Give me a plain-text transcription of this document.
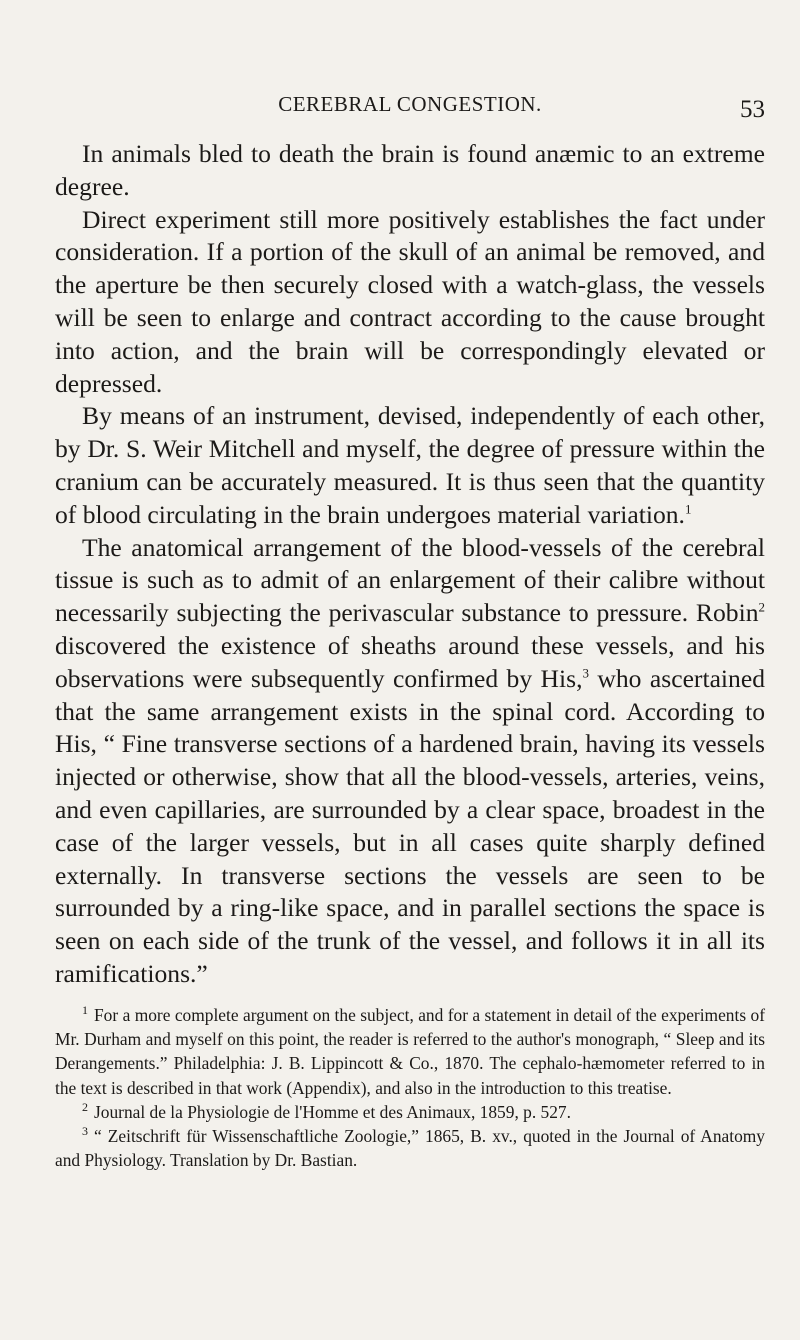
CEREBRAL CONGESTION.	53

In animals bled to death the brain is found anæmic to an extreme degree.

Direct experiment still more positively establishes the fact under consideration. If a portion of the skull of an animal be removed, and the aperture be then securely closed with a watch-glass, the vessels will be seen to enlarge and contract according to the cause brought into action, and the brain will be correspondingly elevated or depressed.

By means of an instrument, devised, independently of each other, by Dr. S. Weir Mitchell and myself, the degree of pressure within the cranium can be accurately measured. It is thus seen that the quantity of blood circulating in the brain undergoes material variation.$^1$

The anatomical arrangement of the blood-vessels of the cerebral tissue is such as to admit of an enlargement of their calibre without necessarily subjecting the perivascular substance to pressure. Robin$^2$ discovered the existence of sheaths around these vessels, and his observations were subsequently confirmed by His,$^3$ who ascertained that the same arrangement exists in the spinal cord. According to His, “ Fine transverse sections of a hardened brain, having its vessels injected or otherwise, show that all the blood-vessels, arteries, veins, and even capillaries, are surrounded by a clear space, broadest in the case of the larger vessels, but in all cases quite sharply defined externally. In transverse sections the vessels are seen to be surrounded by a ring-like space, and in parallel sections the space is seen on each side of the trunk of the vessel, and follows it in all its ramifications.”

$^1$ For a more complete argument on the subject, and for a statement in detail of the experiments of Mr. Durham and myself on this point, the reader is referred to the author's monograph, “ Sleep and its Derangements.” Philadelphia: J. B. Lippincott & Co., 1870. The cephalo-hæmometer referred to in the text is described in that work (Appendix), and also in the introduction to this treatise.

$^2$ Journal de la Physiologie de l'Homme et des Animaux, 1859, p. 527.

$^3$ “ Zeitschrift für Wissenschaftliche Zoologie,” 1865, B. xv., quoted in the Journal of Anatomy and Physiology. Translation by Dr. Bastian.
